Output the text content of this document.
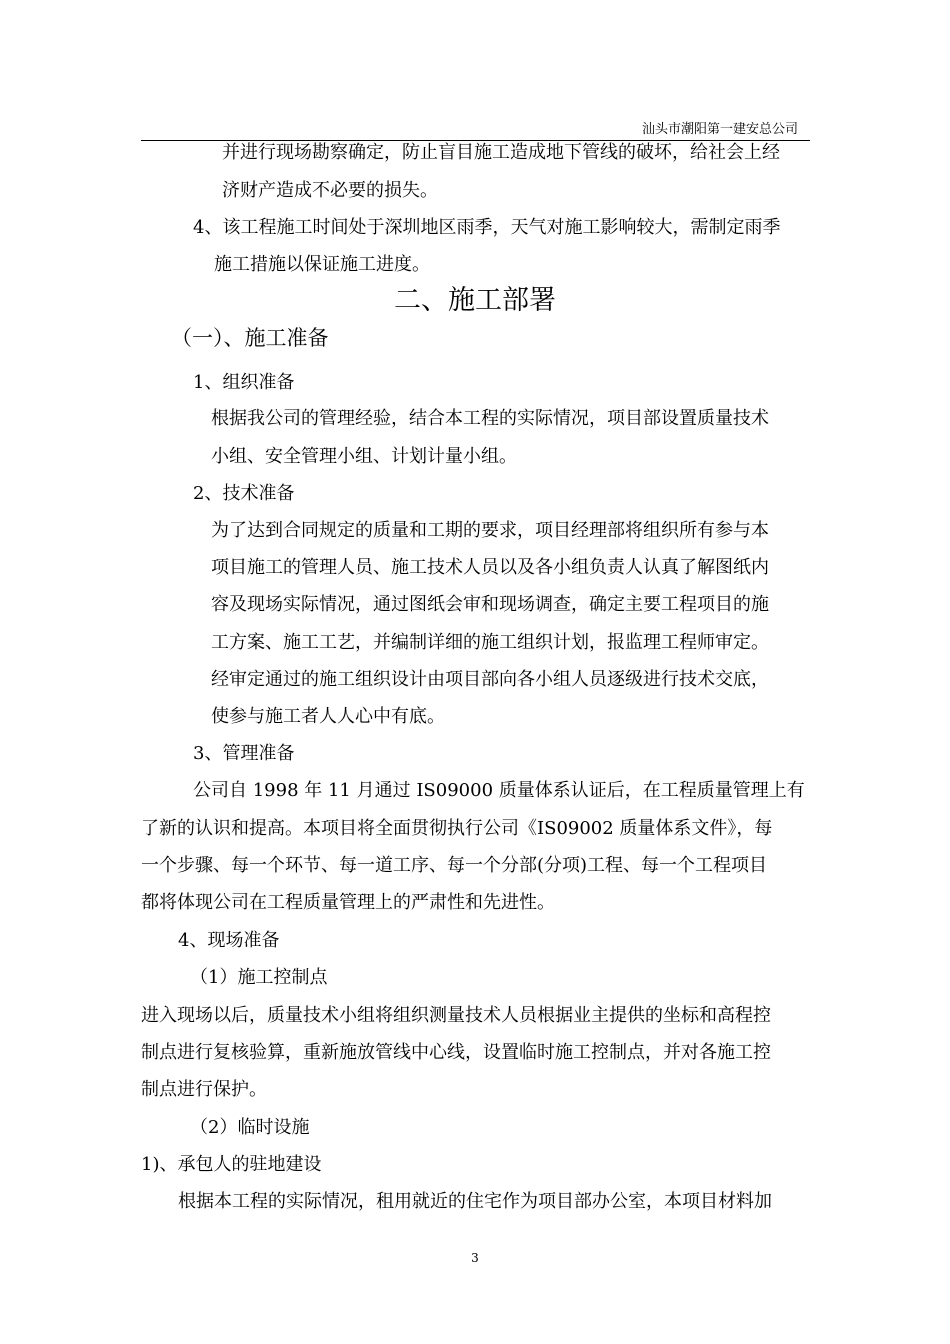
汕头市潮阳第一建安总公司
并进行现场勘察确定，防止盲目施工造成地下管线的破坏，给社会上经
济财产造成不必要的损失。
4、该工程施工时间处于深圳地区雨季，天气对施工影响较大，需制定雨季
施工措施以保证施工进度。
二、施工部署
（一）、施工准备
1、组织准备
根据我公司的管理经验，结合本工程的实际情况，项目部设置质量技术
小组、安全管理小组、计划计量小组。
2、技术准备
为了达到合同规定的质量和工期的要求，项目经理部将组织所有参与本
项目施工的管理人员、施工技术人员以及各小组负责人认真了解图纸内
容及现场实际情况，通过图纸会审和现场调查，确定主要工程项目的施
工方案、施工工艺，并编制详细的施工组织计划，报监理工程师审定。
经审定通过的施工组织设计由项目部向各小组人员逐级进行技术交底，
使参与施工者人人心中有底。
3、管理准备
公司自 1998 年 11 月通过 IS09000 质量体系认证后，在工程质量管理上有
了新的认识和提高。本项目将全面贯彻执行公司《IS09002 质量体系文件》，每
一个步骤、每一个环节、每一道工序、每一个分部(分项)工程、每一个工程项目
都将体现公司在工程质量管理上的严肃性和先进性。
4、现场准备
（1）施工控制点
进入现场以后，质量技术小组将组织测量技术人员根据业主提供的坐标和高程控
制点进行复核验算，重新施放管线中心线，设置临时施工控制点，并对各施工控
制点进行保护。
（2）临时设施
1)、承包人的驻地建设
根据本工程的实际情况，租用就近的住宅作为项目部办公室，本项目材料加
3
